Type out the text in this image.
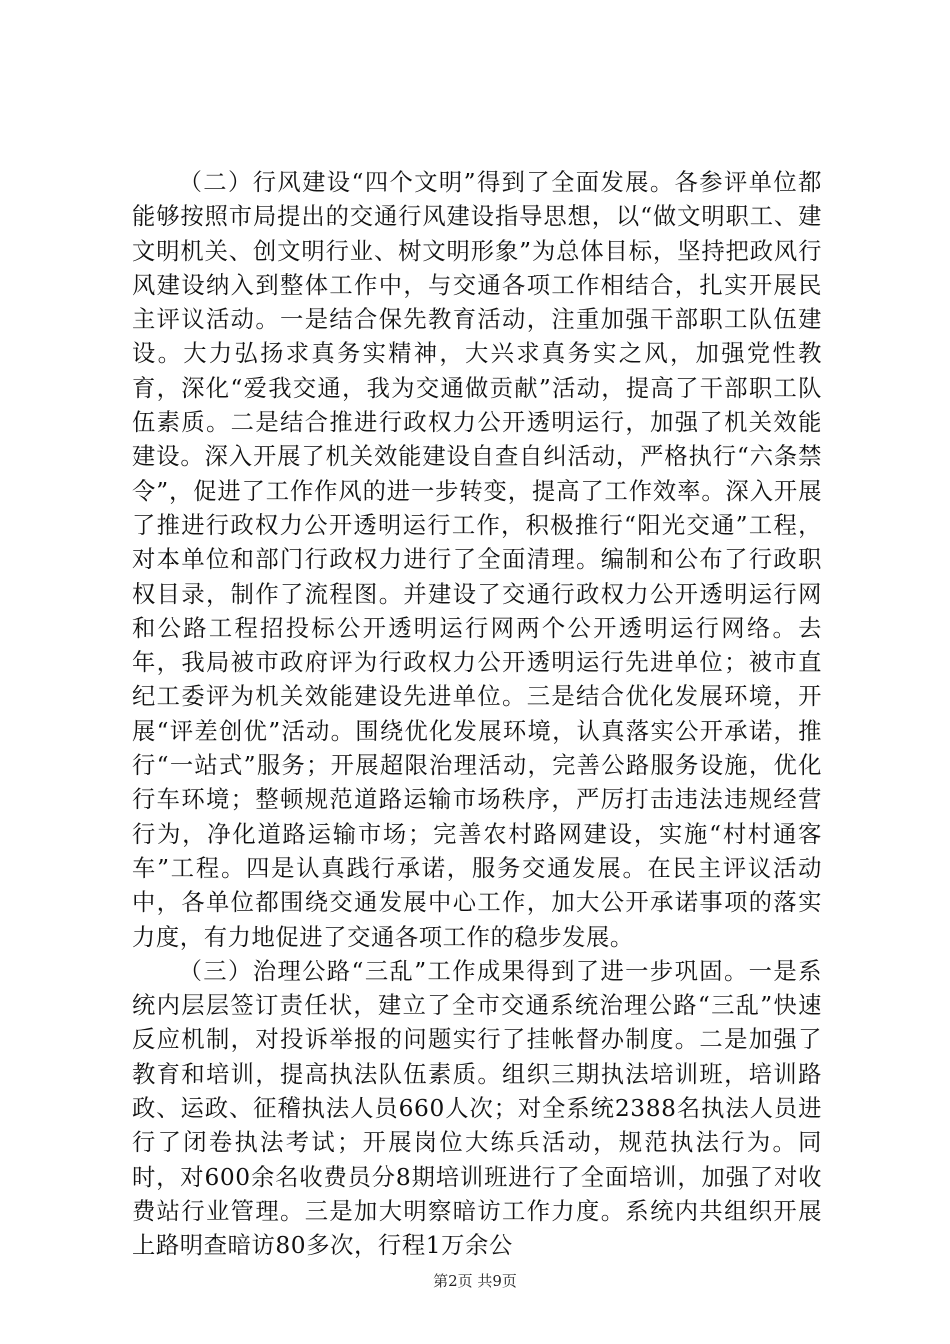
（二）行风建设“四个文明”得到了全面发展。各参评单位都能够按照市局提出的交通行风建设指导思想，以“做文明职工、建文明机关、创文明行业、树文明形象”为总体目标，坚持把政风行风建设纳入到整体工作中，与交通各项工作相结合，扎实开展民主评议活动。一是结合保先教育活动，注重加强干部职工队伍建设。大力弘扬求真务实精神，大兴求真务实之风，加强党性教育，深化“爱我交通，我为交通做贡献”活动，提高了干部职工队伍素质。二是结合推进行政权力公开透明运行，加强了机关效能建设。深入开展了机关效能建设自查自纠活动，严格执行“六条禁令”，促进了工作作风的进一步转变，提高了工作效率。深入开展了推进行政权力公开透明运行工作，积极推行“阳光交通”工程，对本单位和部门行政权力进行了全面清理。编制和公布了行政职权目录，制作了流程图。并建设了交通行政权力公开透明运行网和公路工程招投标公开透明运行网两个公开透明运行网络。去年，我局被市政府评为行政权力公开透明运行先进单位；被市直纪工委评为机关效能建设先进单位。三是结合优化发展环境，开展“评差创优”活动。围绕优化发展环境，认真落实公开承诺，推行“一站式”服务；开展超限治理活动，完善公路服务设施，优化行车环境；整顿规范道路运输市场秩序，严厉打击违法违规经营行为，净化道路运输市场；完善农村路网建设，实施“村村通客车”工程。四是认真践行承诺，服务交通发展。在民主评议活动中，各单位都围绕交通发展中心工作，加大公开承诺事项的落实力度，有力地促进了交通各项工作的稳步发展。

（三）治理公路“三乱”工作成果得到了进一步巩固。一是系统内层层签订责任状，建立了全市交通系统治理公路“三乱”快速反应机制，对投诉举报的问题实行了挂帐督办制度。二是加强了教育和培训，提高执法队伍素质。组织三期执法培训班，培训路政、运政、征稽执法人员660人次；对全系统2388名执法人员进行了闭卷执法考试；开展岗位大练兵活动，规范执法行为。同时，对600余名收费员分8期培训班进行了全面培训，加强了对收费站行业管理。三是加大明察暗访工作力度。系统内共组织开展上路明查暗访80多次，行程1万余公

第2页 共9页
